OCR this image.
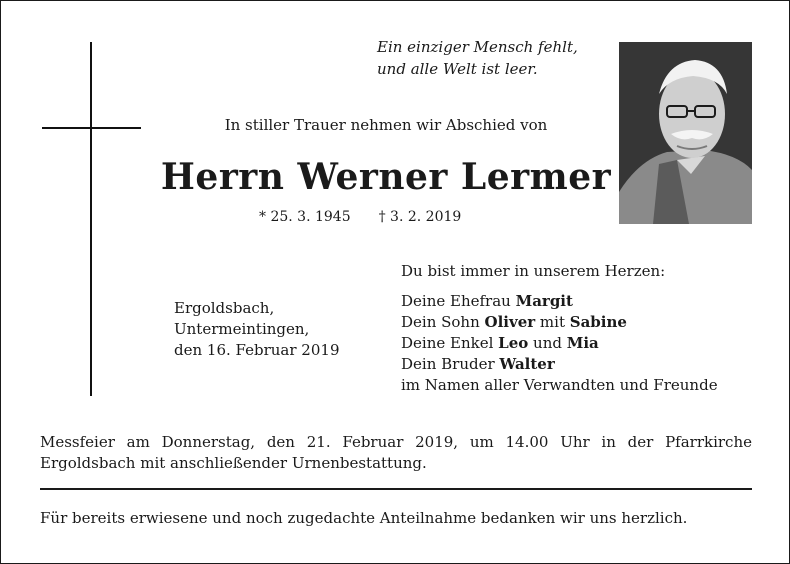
Ein einziger Mensch fehlt,
und alle Welt ist leer.

In stiller Trauer nehmen wir Abschied von

Herrn Werner Lermer

* 25. 3. 1945 † 3. 2. 2019

Ergoldsbach,
Untermeintingen,
den 16. Februar 2019

Du bist immer in unserem Herzen:

Deine Ehefrau Margit
Dein Sohn Oliver mit Sabine
Deine Enkel Leo und Mia
Dein Bruder Walter
im Namen aller Verwandten und Freunde

Messfeier am Donnerstag, den 21. Februar 2019, um 14.00 Uhr in der Pfarrkirche Ergoldsbach mit anschließender Urnenbestattung.

Für bereits erwiesene und noch zugedachte Anteilnahme bedanken wir uns herzlich.
